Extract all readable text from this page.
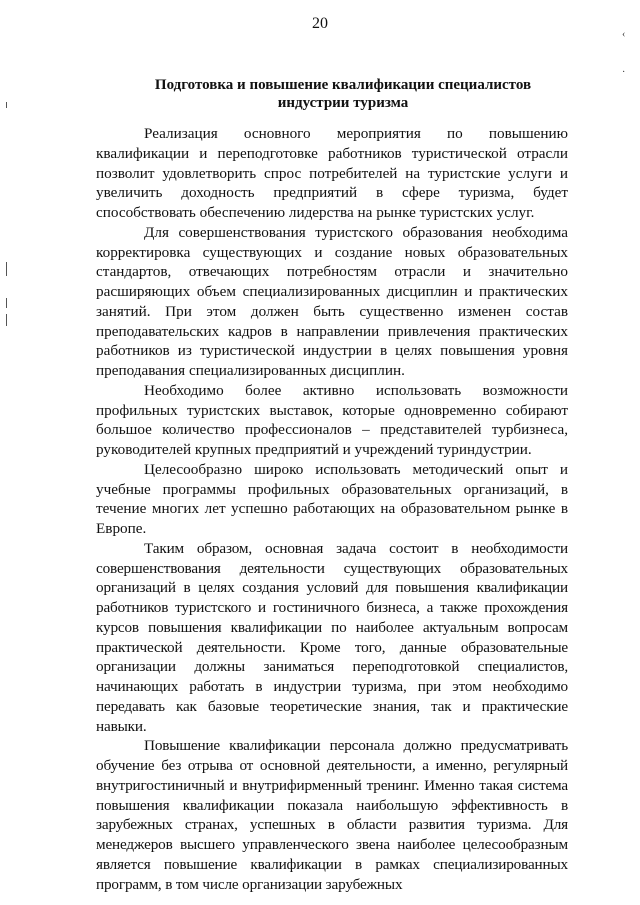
20
Подготовка и повышение квалификации специалистов
индустрии туризма

Реализация основного мероприятия по повышению квалификации и переподготовке работников туристической отрасли позволит удовлетворить спрос потребителей на туристские услуги и увеличить доходность предприятий в сфере туризма, будет способствовать обеспечению лидерства на рынке туристских услуг.

Для совершенствования туристского образования необходима корректировка существующих и создание новых образовательных стандартов, отвечающих потребностям отрасли и значительно расширяющих объем специализированных дисциплин и практических занятий. При этом должен быть существенно изменен состав преподавательских кадров в направлении привлечения практических работников из туристической индустрии в целях повышения уровня преподавания специализированных дисциплин.

Необходимо более активно использовать возможности профильных туристских выставок, которые одновременно собирают большое количество профессионалов – представителей турбизнеса, руководителей крупных предприятий и учреждений туриндустрии.

Целесообразно широко использовать методический опыт и учебные программы профильных образовательных организаций, в течение многих лет успешно работающих на образовательном рынке в Европе.

Таким образом, основная задача состоит в необходимости совершенствования деятельности существующих образовательных организаций в целях создания условий для повышения квалификации работников туристского и гостиничного бизнеса, а также прохождения курсов повышения квалификации по наиболее актуальным вопросам практической деятельности. Кроме того, данные образовательные организации должны заниматься переподготовкой специалистов, начинающих работать в индустрии туризма, при этом необходимо передавать как базовые теоретические знания, так и практические навыки.

Повышение квалификации персонала должно предусматривать обучение без отрыва от основной деятельности, а именно, регулярный внутригостиничный и внутрифирменный тренинг. Именно такая система повышения квалификации показала наибольшую эффективность в зарубежных странах, успешных в области развития туризма. Для менеджеров высшего управленческого звена наиболее целесообразным является повышение квалификации в рамках специализированных программ, в том числе организации зарубежных

‹
·
